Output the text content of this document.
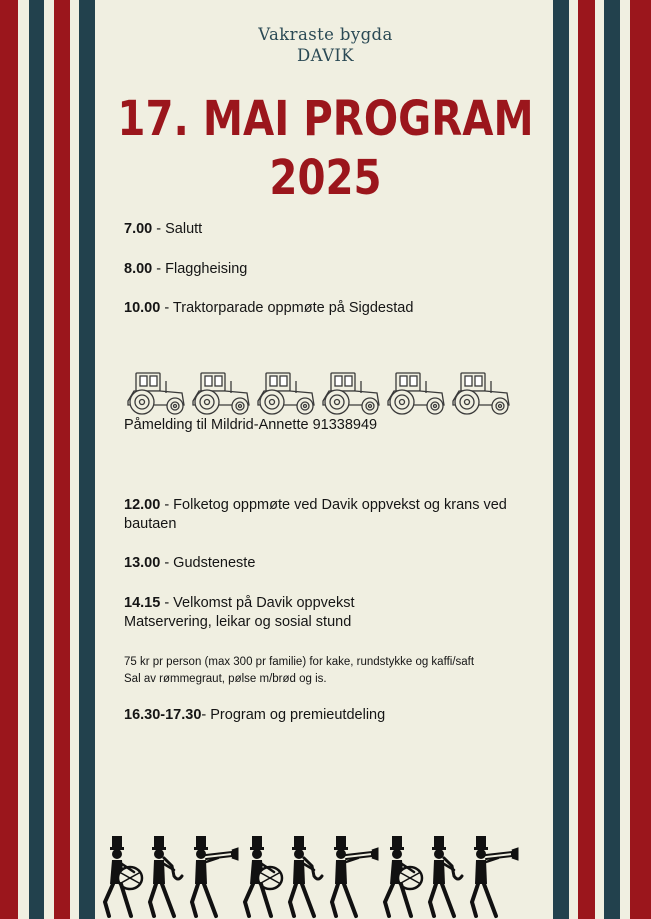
Vakraste bygda
DAVIK
17. MAI PROGRAM
2025
7.00 - Salutt
8.00 - Flaggheising
10.00 - Traktorparade oppmøte på Sigdestad
Påmelding til Mildrid-Annette 91338949
12.00 - Folketog oppmøte ved Davik oppvekst og krans ved
bautaen
13.00 - Gudsteneste
14.15 - Velkomst på Davik oppvekst
Matservering, leikar og sosial stund
75 kr pr person (max 300 pr familie) for kake, rundstykke og kaffi/saft
Sal av rømmegraut, pølse m/brød og is.
16.30-17.30- Program og premieutdeling
